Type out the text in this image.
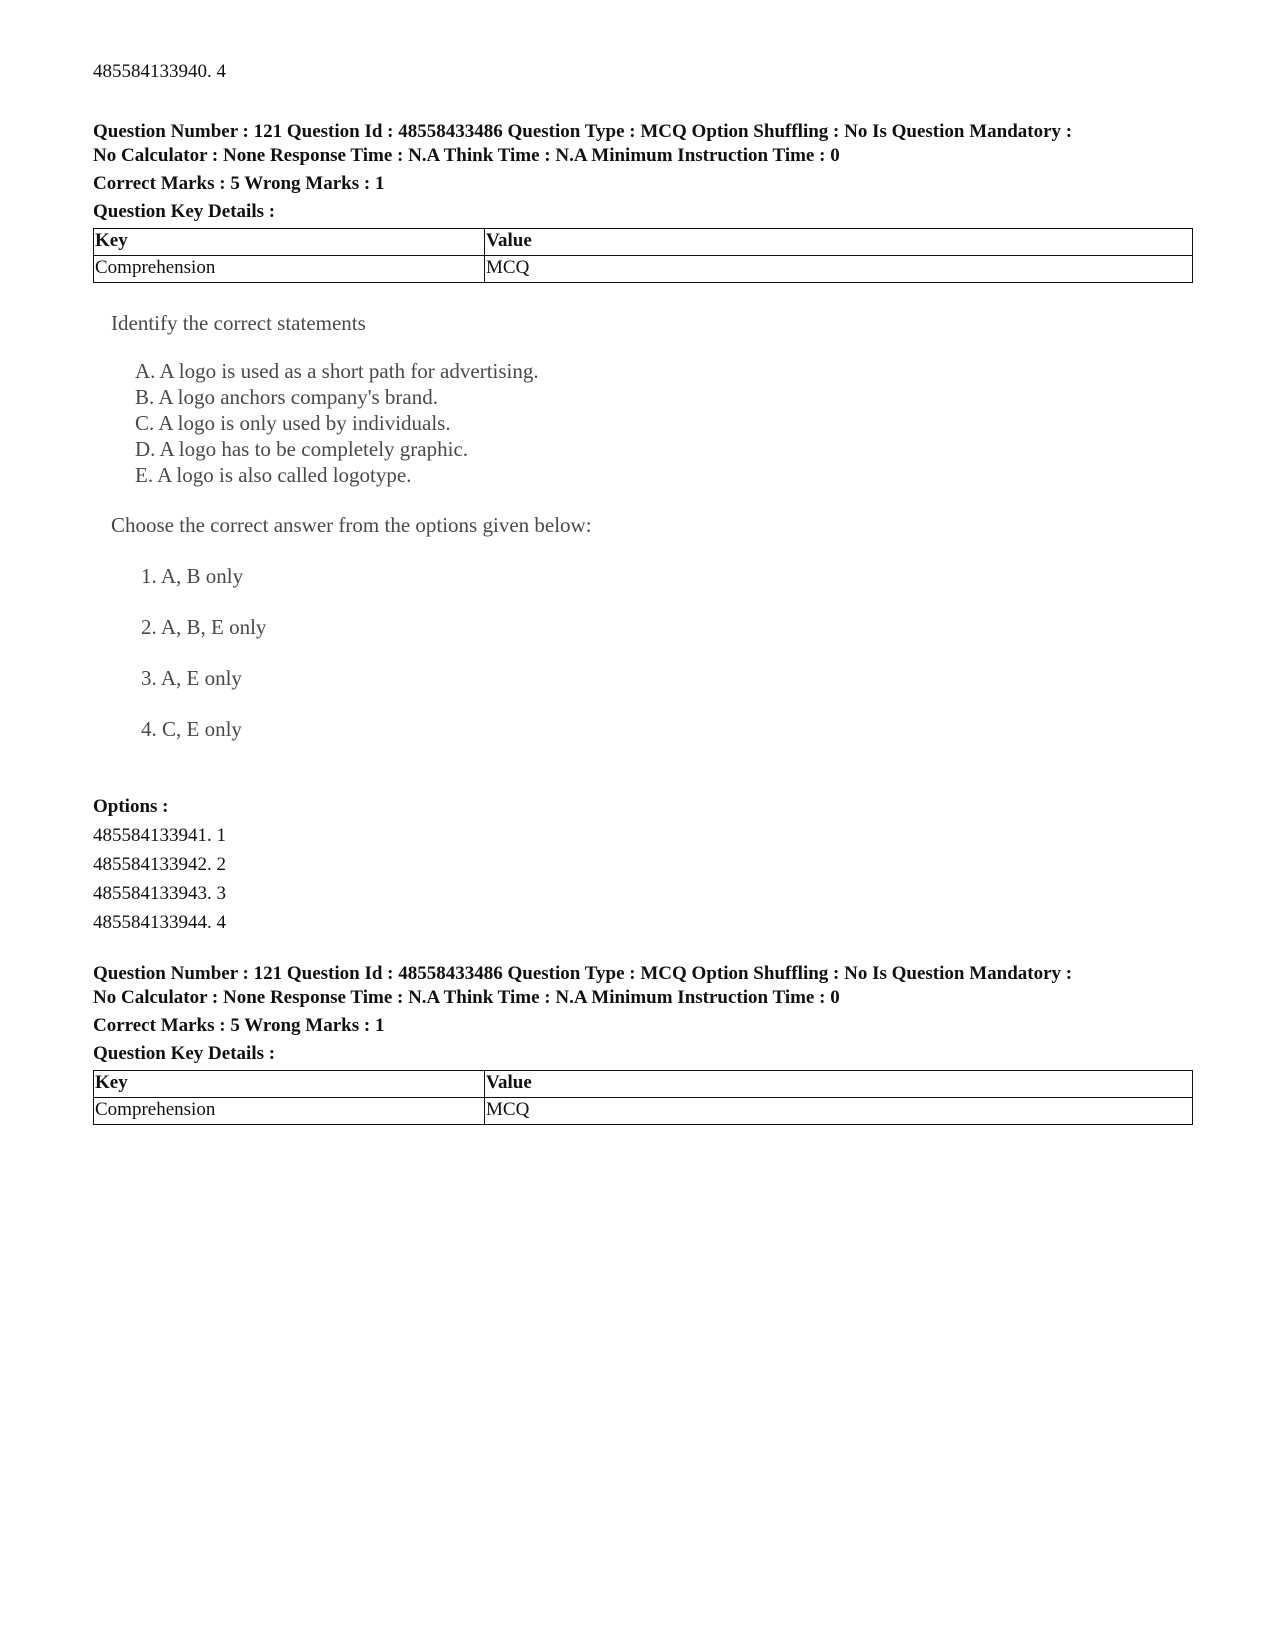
485584133940. 4
Question Number : 121 Question Id : 48558433486 Question Type : MCQ Option Shuffling : No Is Question Mandatory :
No Calculator : None Response Time : N.A Think Time : N.A Minimum Instruction Time : 0
Correct Marks : 5 Wrong Marks : 1
Question Key Details :
Key	Value
Comprehension	MCQ
Identify the correct statements
A. A logo is used as a short path for advertising.
B. A logo anchors company's brand.
C. A logo is only used by individuals.
D. A logo has to be completely graphic.
E. A logo is also called logotype.
Choose the correct answer from the options given below:
1. A, B only
2. A, B, E only
3. A, E only
4. C, E only
Options :
485584133941. 1
485584133942. 2
485584133943. 3
485584133944. 4
Question Number : 121 Question Id : 48558433486 Question Type : MCQ Option Shuffling : No Is Question Mandatory :
No Calculator : None Response Time : N.A Think Time : N.A Minimum Instruction Time : 0
Correct Marks : 5 Wrong Marks : 1
Question Key Details :
Key	Value
Comprehension	MCQ
